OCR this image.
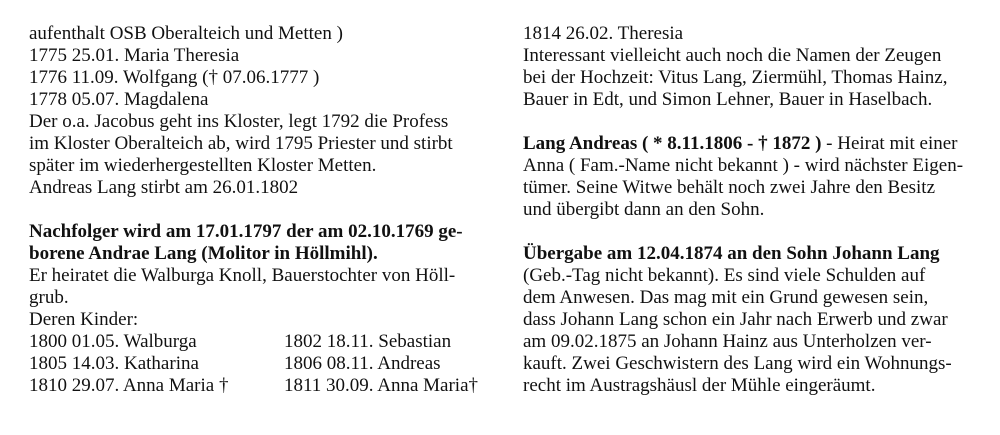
aufenthalt OSB Oberalteich und Metten )
1775 25.01. Maria Theresia
1776 11.09. Wolfgang († 07.06.1777 )
1778 05.07. Magdalena
Der o.a. Jacobus geht ins Kloster, legt 1792 die Profess
im Kloster Oberalteich ab, wird 1795 Priester und stirbt
später im wiederhergestellten Kloster Metten.
Andreas Lang stirbt am 26.01.1802
Nachfolger wird am 17.01.1797 der am 02.10.1769 ge-
borene Andrae Lang (Molitor in Höllmihl).
Er heiratet die Walburga Knoll, Bauerstochter von Höll-
grub.
Deren Kinder:
1800 01.05. Walburga	1802 18.11. Sebastian
1805 14.03. Katharina	1806 08.11. Andreas
1810 29.07. Anna Maria †	1811 30.09. Anna Maria†
1814 26.02. Theresia
Interessant vielleicht auch noch die Namen der Zeugen
bei der Hochzeit: Vitus Lang, Ziermühl, Thomas Hainz,
Bauer in Edt, und Simon Lehner, Bauer in Haselbach.
Lang Andreas ( * 8.11.1806 - † 1872 ) - Heirat mit einer
Anna ( Fam.-Name nicht bekannt ) - wird nächster Eigen-
tümer. Seine Witwe behält noch zwei Jahre den Besitz
und übergibt dann an den Sohn.
Übergabe am 12.04.1874 an den Sohn Johann Lang
(Geb.-Tag nicht bekannt). Es sind viele Schulden auf
dem Anwesen. Das mag mit ein Grund gewesen sein,
dass Johann Lang schon ein Jahr nach Erwerb und zwar
am 09.02.1875 an Johann Hainz aus Unterholzen ver-
kauft. Zwei Geschwistern des Lang wird ein Wohnungs-
recht im Austragshäusl der Mühle eingeräumt.
